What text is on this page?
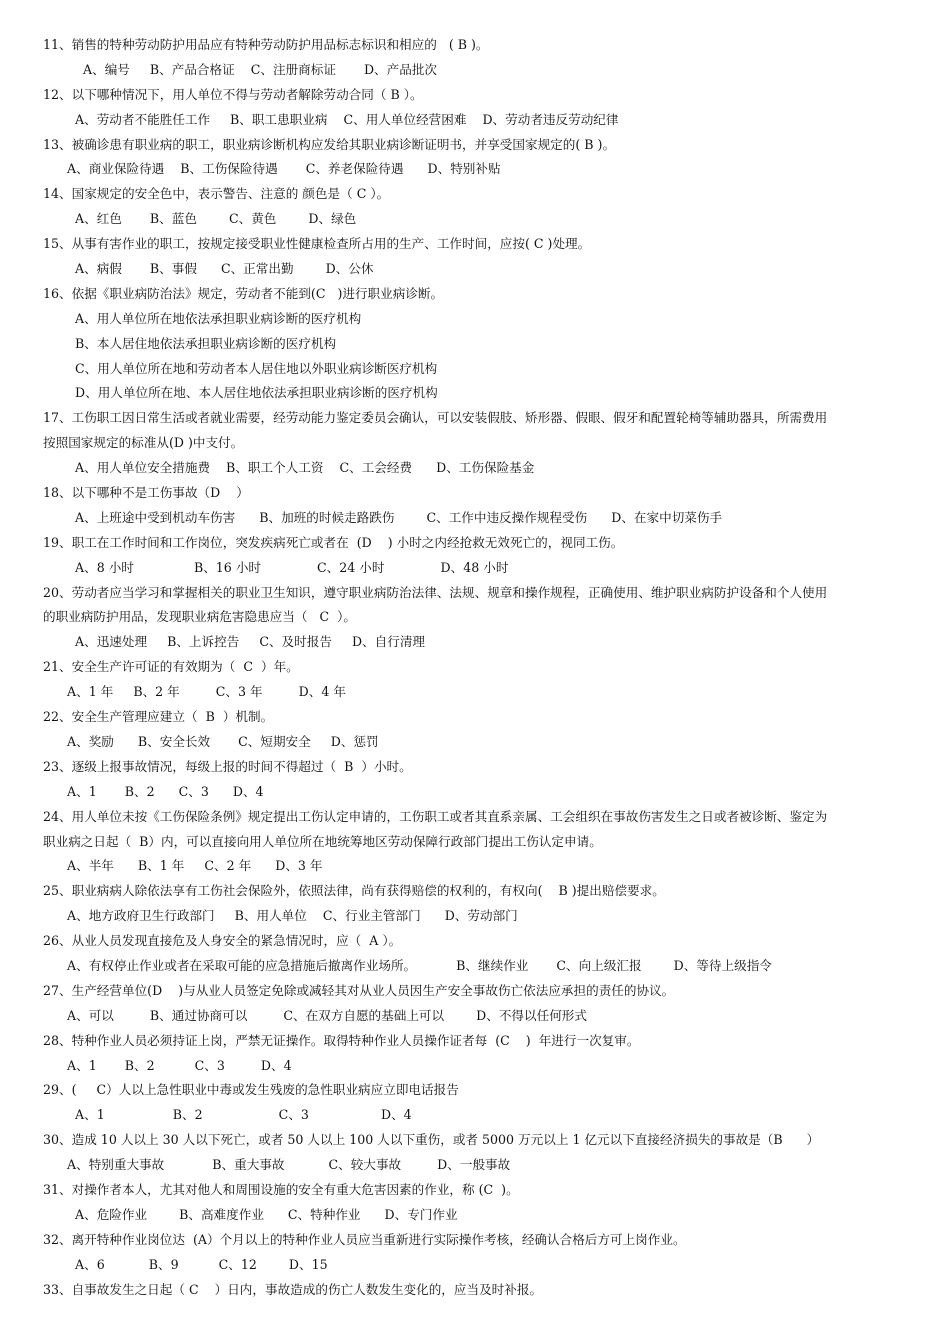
11、销售的特种劳动防护用品应有特种劳动防护用品标志标识和相应的   ( B )。
A、编号     B、产品合格证    C、注册商标证       D、产品批次
12、以下哪种情况下，用人单位不得与劳动者解除劳动合同（ B ）。
A、劳动者不能胜任工作     B、职工患职业病    C、用人单位经营困难    D、劳动者违反劳动纪律
13、被确诊患有职业病的职工，职业病诊断机构应发给其职业病诊断证明书，并享受国家规定的( B )。
A、商业保险待遇    B、工伤保险待遇       C、养老保险待遇      D、特别补贴
14、国家规定的安全色中，表示警告、注意的 颜色是（ C ）。
A、红色       B、蓝色        C、黄色        D、绿色
15、从事有害作业的职工，按规定接受职业性健康检查所占用的生产、工作时间，应按( C )处理。
A、病假       B、事假      C、正常出勤        D、公休
16、依据《职业病防治法》规定，劳动者不能到(C   )进行职业病诊断。
A、用人单位所在地依法承担职业病诊断的医疗机构
B、本人居住地依法承担职业病诊断的医疗机构
C、用人单位所在地和劳动者本人居住地以外职业病诊断医疗机构
D、用人单位所在地、本人居住地依法承担职业病诊断的医疗机构
17、工伤职工因日常生活或者就业需要，经劳动能力鉴定委员会确认，可以安装假肢、矫形器、假眼、假牙和配置轮椅等辅助器具，所需费用
按照国家规定的标准从(D )中支付。
A、用人单位安全措施费    B、职工个人工资    C、工会经费      D、工伤保险基金
18、以下哪种不是工伤事故（D    ）
A、上班途中受到机动车伤害      B、加班的时候走路跌伤        C、工作中违反操作规程受伤      D、在家中切菜伤手
19、职工在工作时间和工作岗位，突发疾病死亡或者在  (D    ) 小时之内经抢救无效死亡的，视同工伤。
A、8 小时               B、16 小时              C、24 小时              D、48 小时
20、劳动者应当学习和掌握相关的职业卫生知识，遵守职业病防治法律、法规、规章和操作规程，正确使用、维护职业病防护设备和个人使用
的职业病防护用品，发现职业病危害隐患应当（   C  ）。
A、迅速处理     B、上诉控告     C、及时报告     D、自行清理
21、安全生产许可证的有效期为（  C  ）年。
A、1 年     B、2 年         C、3 年         D、4 年
22、安全生产管理应建立（  B  ）机制。
A、奖励      B、安全长效       C、短期安全     D、惩罚
23、逐级上报事故情况，每级上报的时间不得超过（  B  ）小时。
A、1       B、2      C、3      D、4
24、用人单位未按《工伤保险条例》规定提出工伤认定申请的，工伤职工或者其直系亲属、工会组织在事故伤害发生之日或者被诊断、鉴定为
职业病之日起（  B）内，可以直接向用人单位所在地统筹地区劳动保障行政部门提出工伤认定申请。
A、半年      B、1 年     C、2 年      D、3 年
25、职业病病人除依法享有工伤社会保险外，依照法律，尚有获得赔偿的权利的，有权向(    B )提出赔偿要求。
A、地方政府卫生行政部门     B、用人单位    C、行业主管部门      D、劳动部门
26、从业人员发现直接危及人身安全的紧急情况时，应（  A ）。
A、有权停止作业或者在采取可能的应急措施后撤离作业场所。          B、继续作业       C、向上级汇报        D、等待上级指令
27、生产经营单位(D    )与从业人员签定免除或减轻其对从业人员因生产安全事故伤亡依法应承担的责任的协议。
A、可以         B、通过协商可以         C、在双方自愿的基础上可以        D、不得以任何形式
28、特种作业人员必须持证上岗，严禁无证操作。取得特种作业人员操作证者每  (C    )  年进行一次复审。
A、1       B、2          C、3         D、4
29、(     C）人以上急性职业中毒或发生残废的急性职业病应立即电话报告
A、1                 B、2                   C、3                  D、4
30、造成 10 人以上 30 人以下死亡，或者 50 人以上 100 人以下重伤，或者 5000 万元以上 1 亿元以下直接经济损失的事故是（B      ）
A、特别重大事故            B、重大事故           C、较大事故         D、一般事故
31、对操作者本人，尤其对他人和周围设施的安全有重大危害因素的作业，称 (C  )。
A、危险作业        B、高难度作业      C、特种作业      D、专门作业
32、离开特种作业岗位达  (A）个月以上的特种作业人员应当重新进行实际操作考核，经确认合格后方可上岗作业。
A、6           B、9          C、12        D、15
33、自事故发生之日起（ C    ）日内，事故造成的伤亡人数发生变化的，应当及时补报。
